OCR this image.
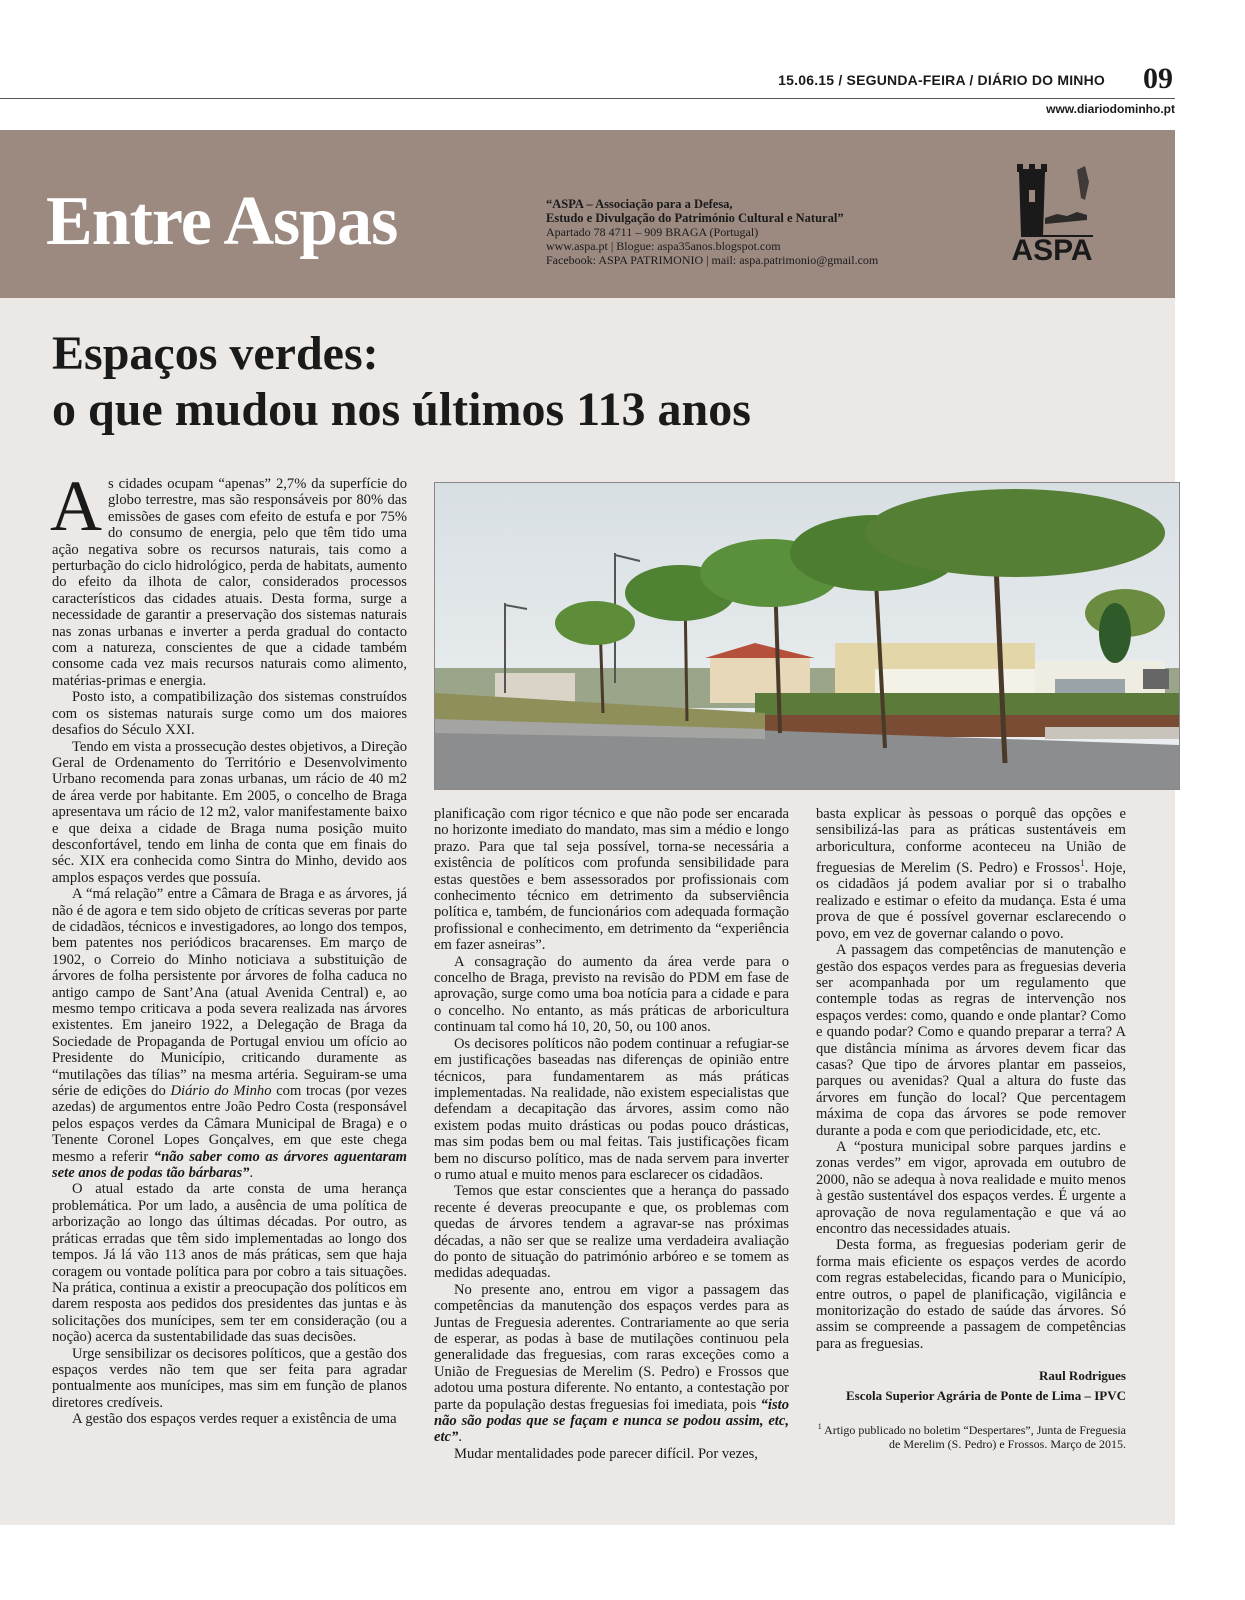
15.06.15 / SEGUNDA-FEIRA / DIÁRIO DO MINHO 09
www.diariodominho.pt
Entre Aspas	“ASPA – Associação para a Defesa,
Estudo e Divulgação do Património Cultural e Natural”
Apartado 78 4711 – 909 BRAGA (Portugal)
www.aspa.pt | Blogue: aspa35anos.blogspot.com
Facebook: ASPA PATRIMONIO | mail: aspa.patrimonio@gmail.com	ASPA
Espaços verdes:
o que mudou nos últimos 113 anos

As cidades ocupam “apenas” 2,7% da superfície do globo terrestre, mas são responsáveis por 80% das emissões de gases com efeito de estufa e por 75% do consumo de energia, pelo que têm tido uma ação negativa sobre os recursos naturais, tais como a perturbação do ciclo hidrológico, perda de habitats, aumento do efeito da ilhota de calor, considerados processos característicos das cidades atuais. Desta forma, surge a necessidade de garantir a preservação dos sistemas naturais nas zonas urbanas e inverter a perda gradual do contacto com a natureza, conscientes de que a cidade também consome cada vez mais recursos naturais como alimento, matérias-primas e energia.

Posto isto, a compatibilização dos sistemas construídos com os sistemas naturais surge como um dos maiores desafios do Século XXI.

Tendo em vista a prossecução destes objetivos, a Direção Geral de Ordenamento do Território e Desenvolvimento Urbano recomenda para zonas urbanas, um rácio de 40 m2 de área verde por habitante. Em 2005, o concelho de Braga apresentava um rácio de 12 m2, valor manifestamente baixo e que deixa a cidade de Braga numa posição muito desconfortável, tendo em linha de conta que em finais do séc. XIX era conhecida como Sintra do Minho, devido aos amplos espaços verdes que possuía.

A “má relação” entre a Câmara de Braga e as árvores, já não é de agora e tem sido objeto de críticas severas por parte de cidadãos, técnicos e investigadores, ao longo dos tempos, bem patentes nos periódicos bracarenses. Em março de 1902, o Correio do Minho noticiava a substituição de árvores de folha persistente por árvores de folha caduca no antigo campo de Sant’Ana (atual Avenida Central) e, ao mesmo tempo criticava a poda severa realizada nas árvores existentes. Em janeiro 1922, a Delegação de Braga da Sociedade de Propaganda de Portugal enviou um ofício ao Presidente do Município, criticando duramente as “mutilações das tílias” na mesma artéria. Seguiram-se uma série de edições do Diário do Minho com trocas (por vezes azedas) de argumentos entre João Pedro Costa (responsável pelos espaços verdes da Câmara Municipal de Braga) e o Tenente Coronel Lopes Gonçalves, em que este chega mesmo a referir “não saber como as árvores aguentaram sete anos de podas tão bárbaras”.

O atual estado da arte consta de uma herança problemática. Por um lado, a ausência de uma política de arborização ao longo das últimas décadas. Por outro, as práticas erradas que têm sido implementadas ao longo dos tempos. Já lá vão 113 anos de más práticas, sem que haja coragem ou vontade política para por cobro a tais situações. Na prática, continua a existir a preocupação dos políticos em darem resposta aos pedidos dos presidentes das juntas e às solicitações dos munícipes, sem ter em consideração (ou a noção) acerca da sustentabilidade das suas decisões.

Urge sensibilizar os decisores políticos, que a gestão dos espaços verdes não tem que ser feita para agradar pontualmente aos munícipes, mas sim em função de planos diretores credíveis.

A gestão dos espaços verdes requer a existência de uma

planificação com rigor técnico e que não pode ser encarada no horizonte imediato do mandato, mas sim a médio e longo prazo. Para que tal seja possível, torna-se necessária a existência de políticos com profunda sensibilidade para estas questões e bem assessorados por profissionais com conhecimento técnico em detrimento da subserviência política e, também, de funcionários com adequada formação profissional e conhecimento, em detrimento da “experiência em fazer asneiras”.

A consagração do aumento da área verde para o concelho de Braga, previsto na revisão do PDM em fase de aprovação, surge como uma boa notícia para a cidade e para o concelho. No entanto, as más práticas de arboricultura continuam tal como há 10, 20, 50, ou 100 anos.

Os decisores políticos não podem continuar a refugiar-se em justificações baseadas nas diferenças de opinião entre técnicos, para fundamentarem as más práticas implementadas. Na realidade, não existem especialistas que defendam a decapitação das árvores, assim como não existem podas muito drásticas ou podas pouco drásticas, mas sim podas bem ou mal feitas. Tais justificações ficam bem no discurso político, mas de nada servem para inverter o rumo atual e muito menos para esclarecer os cidadãos.

Temos que estar conscientes que a herança do passado recente é deveras preocupante e que, os problemas com quedas de árvores tendem a agravar-se nas próximas décadas, a não ser que se realize uma verdadeira avaliação do ponto de situação do património arbóreo e se tomem as medidas adequadas.

No presente ano, entrou em vigor a passagem das competências da manutenção dos espaços verdes para as Juntas de Freguesia aderentes. Contrariamente ao que seria de esperar, as podas à base de mutilações continuou pela generalidade das freguesias, com raras exceções como a União de Freguesias de Merelim (S. Pedro) e Frossos que adotou uma postura diferente. No entanto, a contestação por parte da população destas freguesias foi imediata, pois “isto não são podas que se façam e nunca se podou assim, etc, etc”.

Mudar mentalidades pode parecer difícil. Por vezes,

basta explicar às pessoas o porquê das opções e sensibilizá-las para as práticas sustentáveis em arboricultura, conforme aconteceu na União de freguesias de Merelim (S. Pedro) e Frossos$^1$. Hoje, os cidadãos já podem avaliar por si o trabalho realizado e estimar o efeito da mudança. Esta é uma prova de que é possível governar esclarecendo o povo, em vez de governar calando o povo.

A passagem das competências de manutenção e gestão dos espaços verdes para as freguesias deveria ser acompanhada por um regulamento que contemple todas as regras de intervenção nos espaços verdes: como, quando e onde plantar? Como e quando podar? Como e quando preparar a terra? A que distância mínima as árvores devem ficar das casas? Que tipo de árvores plantar em passeios, parques ou avenidas? Qual a altura do fuste das árvores em função do local? Que percentagem máxima de copa das árvores se pode remover durante a poda e com que periodicidade, etc, etc.

A “postura municipal sobre parques jardins e zonas verdes” em vigor, aprovada em outubro de 2000, não se adequa à nova realidade e muito menos à gestão sustentável dos espaços verdes. É urgente a aprovação de nova regulamentação e que vá ao encontro das necessidades atuais.

Desta forma, as freguesias poderiam gerir de forma mais eficiente os espaços verdes de acordo com regras estabelecidas, ficando para o Município, entre outros, o papel de planificação, vigilância e monitorização do estado de saúde das árvores. Só assim se compreende a passagem de competências para as freguesias.

Raul Rodrigues
Escola Superior Agrária de Ponte de Lima – IPVC
$^1$ Artigo publicado no boletim “Despertares”, Junta de Freguesia de Merelim (S. Pedro) e Frossos. Março de 2015.
